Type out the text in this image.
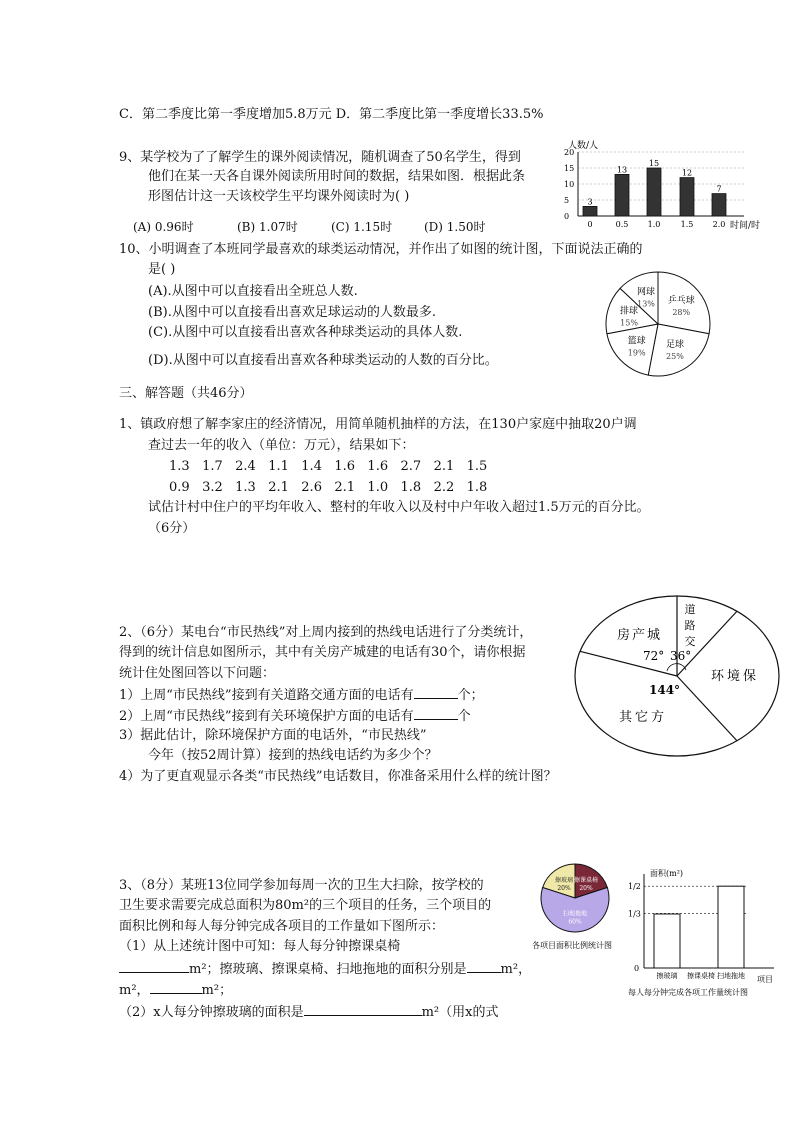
C．第二季度比第一季度增加5.8万元 D．第二季度比第一季度增长33.5%
9、某学校为了了解学生的课外阅读情况，随机调查了50名学生，得到
他们在某一天各自课外阅读所用时间的数据，结果如图．根据此条
形图估计这一天该校学生平均课外阅读时为( )
(A) 0.96时	(B) 1.07时	(C) 1.15时	(D) 1.50时
10、小明调查了本班同学最喜欢的球类运动情况，并作出了如图的统计图，下面说法正确的
是( )
(A).从图中可以直接看出全班总人数.
(B).从图中可以直接看出喜欢足球运动的人数最多.
(C).从图中可以直接看出喜欢各种球类运动的具体人数.
(D).从图中可以直接看出喜欢各种球类运动的人数的百分比。
三、解答题（共46分）
1、镇政府想了解李家庄的经济情况，用简单随机抽样的方法，在130户家庭中抽取20户调
查过去一年的收入（单位：万元），结果如下：
1.3   1.7   2.4   1.1   1.4   1.6   1.6   2.7   2.1   1.5
0.9   3.2   1.3   2.1   2.6   2.1   1.0   1.8   2.2   1.8
试估计村中住户的平均年收入、整村的年收入以及村中户年收入超过1.5万元的百分比。
（6分）
2、（6分）某电台“市民热线”对上周内接到的热线电话进行了分类统计，
得到的统计信息如图所示，其中有关房产城建的电话有30个，请你根据
统计住处图回答以下问题：
1）上周“市民热线”接到有关道路交通方面的电话有	个；
2）上周“市民热线”接到有关环境保护方面的电话有	个
3）据此估计，除环境保护方面的电话外，“市民热线”
今年（按52周计算）接到的热线电话约为多少个？
4）为了更直观显示各类“市民热线”电话数目，你准备采用什么样的统计图？
3、（8分）某班13位同学参加每周一次的卫生大扫除，按学校的
卫生要求需要完成总面积为80m²的三个项目的任务，三个项目的
面积比例和每人每分钟完成各项目的工作量如下图所示：
（1）从上述统计图中可知：每人每分钟擦课桌椅
m²；擦玻璃、擦课桌椅、扫地拖地的面积分别是	m²，
m²，	m²；
（2）x人每分钟擦玻璃的面积是	m²（用x的式
人数/人
0
5
10
15
20
3
13
15
12
7
0	0.5 1.0	1.5 2.0 时间/时
乒乓球
28%
足球
25%
篮球
19%
排球
15%
网球
13%
房产城
道
路
交
环境保
其它方
72° 36°
144°
擦玻璃
20%
擦课桌椅
20%
扫地拖地
60%
各项目面积比例统计图
面积(m²)
项目
0
1/3
1/2
擦玻璃 擦课桌椅 扫地拖地
每人每分钟完成各项工作量统计图
